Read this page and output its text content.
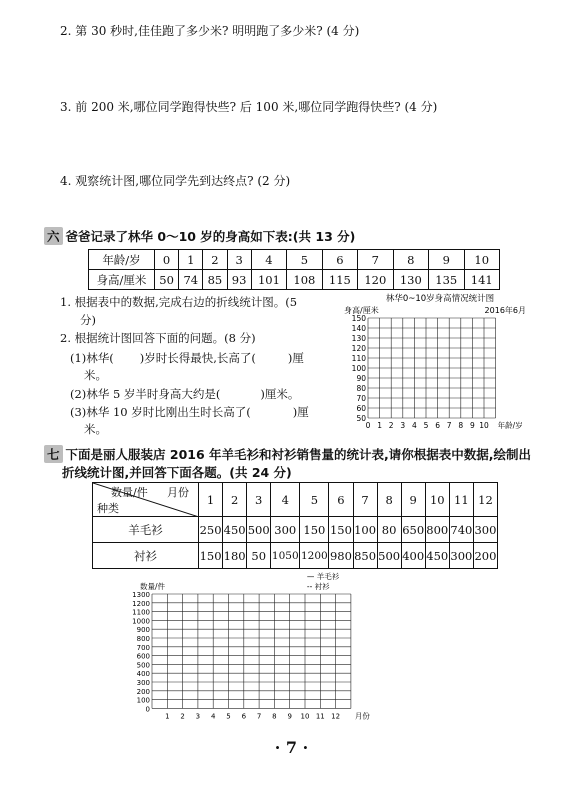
2. 第 30 秒时,佳佳跑了多少米? 明明跑了多少米? (4 分)
3. 前 200 米,哪位同学跑得快些? 后 100 米,哪位同学跑得快些? (4 分)
4. 观察统计图,哪位同学先到达终点? (2 分)
六 爸爸记录了林华 0～10 岁的身高如下表:(共 13 分)
年龄/岁	0	1	2	3	4	5	6	7	8	9	10
身高/厘米	50	74	85	93	101	108	115	120	130	135	141
1. 根据表中的数据,完成右边的折线统计图。(5
分)
2. 根据统计图回答下面的问题。(8 分)
(1)林华( )岁时长得最快,长高了(	)厘
米。
(2)林华 5 岁半时身高大约是(	)厘米。
(3)林华 10 岁时比刚出生时长高了(	)厘
米。
林华0~10岁身高情况统计图
身高/厘米	2016年6月
150
140
130
120
110
100
90
80
70
60
50
0 1 2 3 4 5 6 7 8 9 10 年龄/岁
七 下面是丽人服装店 2016 年羊毛衫和衬衫销售量的统计表,请你根据表中数据,绘制出
折线统计图,并回答下面各题。(共 24 分)
数量/件 月份
种类	1	2	3	4	5	6	7	8	9	10	11	12
羊毛衫	250	450	500	300	150	150	100	80	650	800	740	300
衬衫	150	180	50	1050	1200	980	850	500	400	450	300	200
数量/件
— 羊毛衫
-- 衬衫
1300
1200
1100
1000
900
800
700
600
500
400
300
200
100
0
1 2 3 4 5 6 7 8 9 10 11 12 月份
· 7 ·
